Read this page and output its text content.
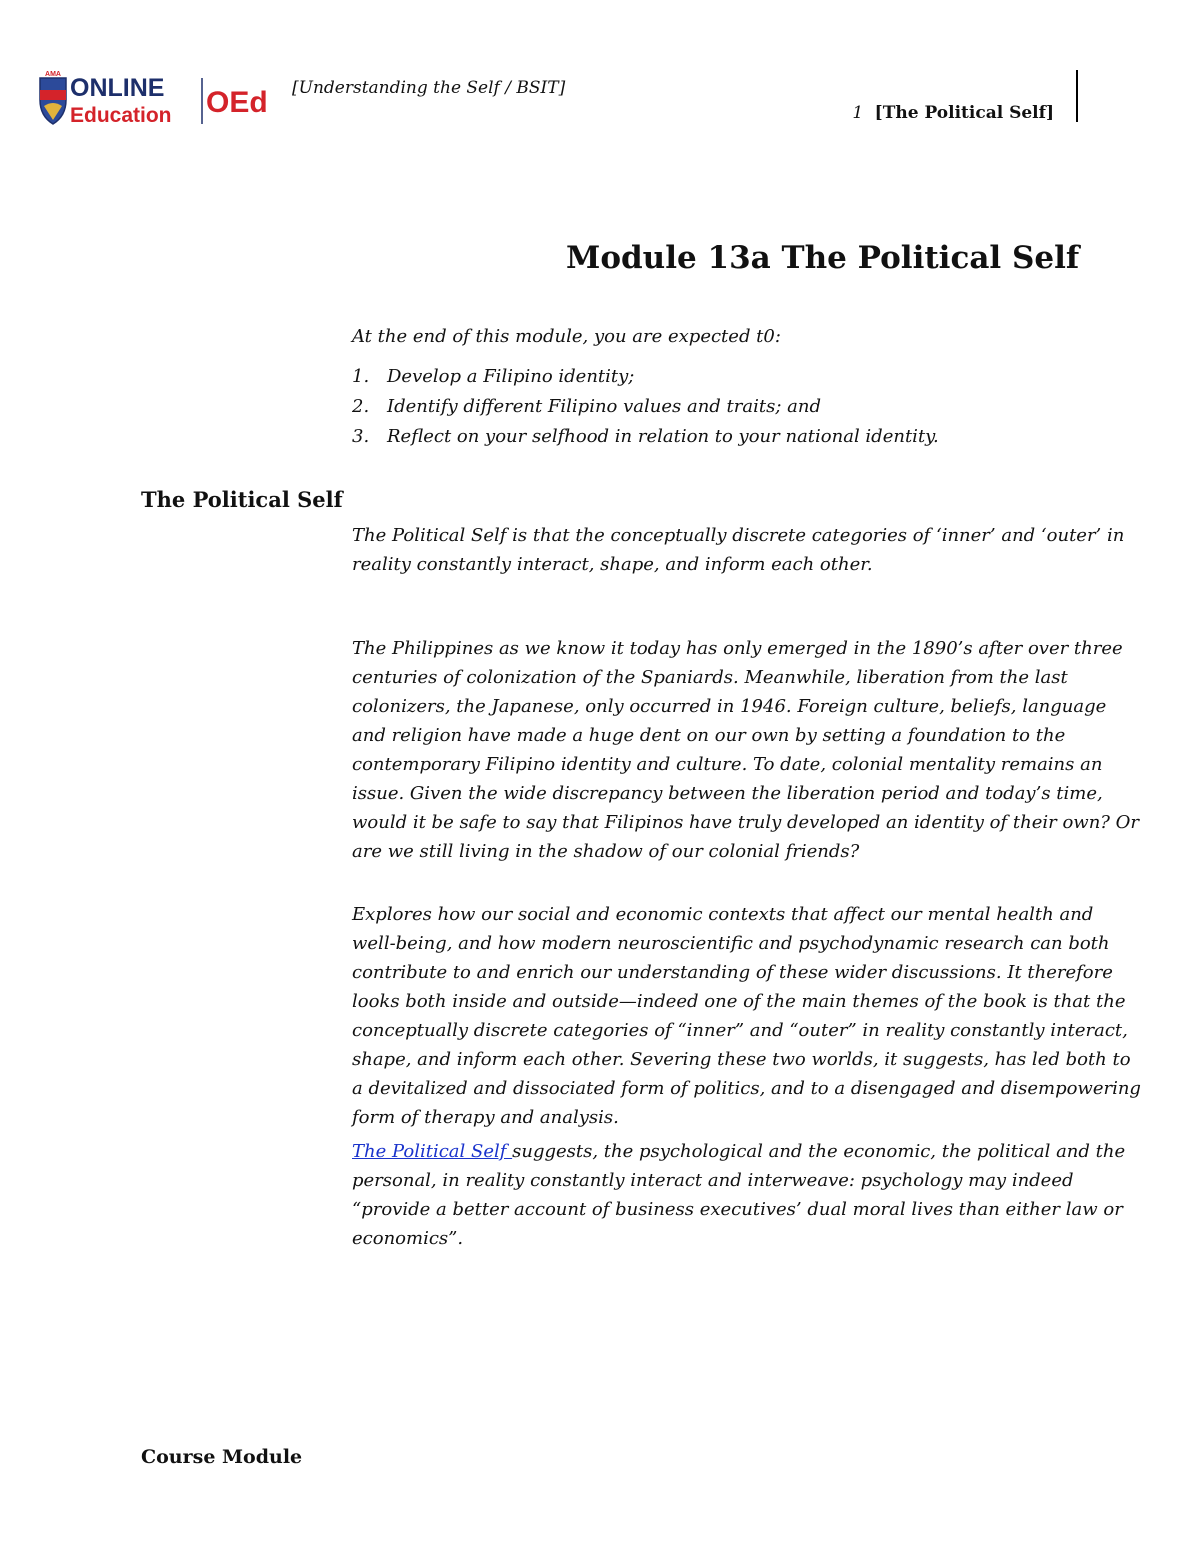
AMA ONLINE
Education OEd [Understanding the Self / BSIT]
1 [The Political Self]
Module 13a The Political Self

At the end of this module, you are expected t0:

1. Develop a Filipino identity;
2. Identify different Filipino values and traits; and
3. Reflect on your selfhood in relation to your national identity.
The Political Self

The Political Self is that the conceptually discrete categories of ‘inner’ and ‘outer’ in reality constantly interact, shape, and inform each other.

The Philippines as we know it today has only emerged in the 1890’s after over three centuries of colonization of the Spaniards. Meanwhile, liberation from the last colonizers, the Japanese, only occurred in 1946. Foreign culture, beliefs, language and religion have made a huge dent on our own by setting a foundation to the contemporary Filipino identity and culture. To date, colonial mentality remains an issue. Given the wide discrepancy between the liberation period and today’s time, would it be safe to say that Filipinos have truly developed an identity of their own? Or are we still living in the shadow of our colonial friends?

Explores how our social and economic contexts that affect our mental health and well-being, and how modern neuroscientific and psychodynamic research can both contribute to and enrich our understanding of these wider discussions. It therefore looks both inside and outside—indeed one of the main themes of the book is that the conceptually discrete categories of “inner” and “outer” in reality constantly interact, shape, and inform each other. Severing these two worlds, it suggests, has led both to a devitalized and dissociated form of politics, and to a disengaged and disempowering form of therapy and analysis.

The Political Self suggests, the psychological and the economic, the political and the personal, in reality constantly interact and interweave: psychology may indeed “provide a better account of business executives’ dual moral lives than either law or economics”.

Course Module
